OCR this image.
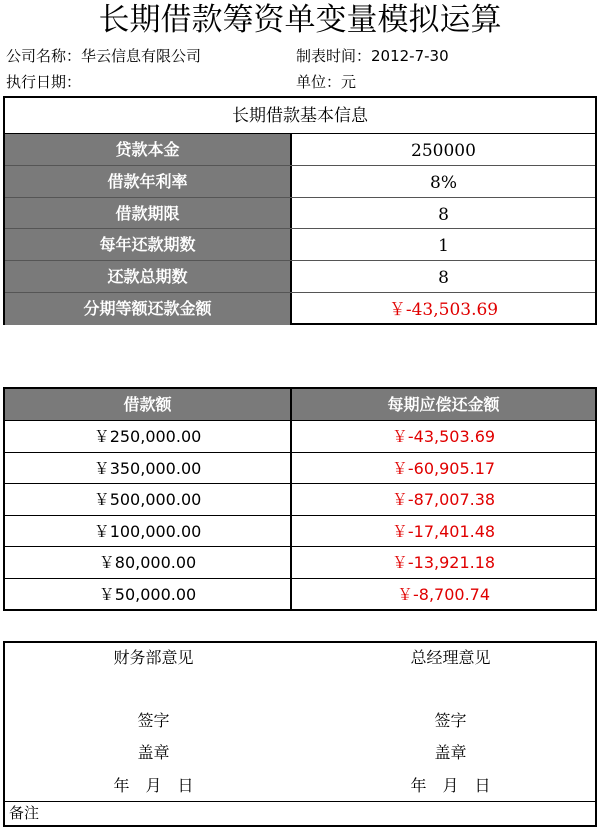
长期借款筹资单变量模拟运算
公司名称：华云信息有限公司	制表时间：2012-7-30
执行日期：	单位：元
长期借款基本信息
贷款本金	250000
借款年利率	8%
借款期限	8
每年还款期数	1
还款总期数	8
分期等额还款金额	￥-43,503.69
借款额	每期应偿还金额
￥250,000.00	￥-43,503.69
￥350,000.00	￥-60,905.17
￥500,000.00	￥-87,007.38
￥100,000.00	￥-17,401.48
￥80,000.00	￥-13,921.18
￥50,000.00	￥-8,700.74
财务部意见
签字
盖章
年　月　日
总经理意见
签字
盖章
年　月　日
备注
